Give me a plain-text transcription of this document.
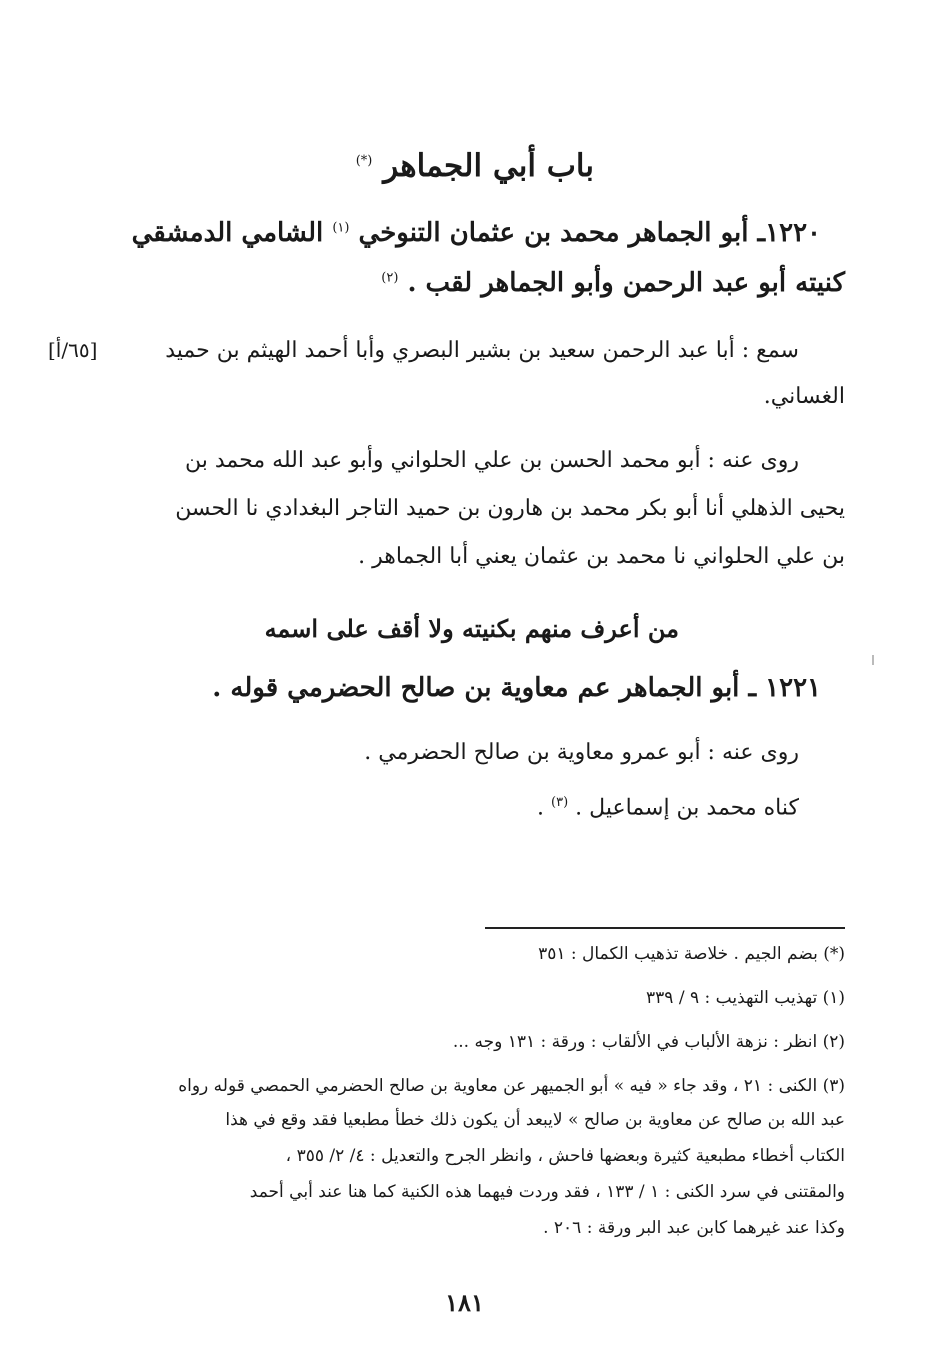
باب أبي الجماهر (*)

١٢٢٠ـ أبو الجماهر محمد بن عثمان التنوخي $^{(١)}$ الشامي الدمشقي

كنيته أبو عبد الرحمن وأبو الجماهر لقب . $^{(٢)}$

سمع : أبا عبد الرحمن سعيد بن بشير البصري وأبا أحمد الهيثم بن حميد

[٦٥/أ]

الغساني.

روى عنه : أبو محمد الحسن بن علي الحلواني وأبو عبد الله محمد بن

يحيى الذهلي أنا أبو بكر محمد بن هارون بن حميد التاجر البغدادي نا الحسن

بن علي الحلواني نا محمد بن عثمان يعني أبا الجماهر .

من أعرف منهم بكنيته ولا أقف على اسمه

١٢٢١ ـ أبو الجماهر عم معاوية بن صالح الحضرمي قوله .

روى عنه : أبو عمرو معاوية بن صالح الحضرمي .

كناه محمد بن إسماعيل . $^{(٣)}$ .

(*) بضم الجيم . خلاصة تذهيب الكمال : ٣٥١

(١) تهذيب التهذيب : ٩ / ٣٣٩

(٢) انظر : نزهة الألباب في الألقاب : ورقة : ١٣١ وجه ...

(٣) الكنى : ٢١ ، وقد جاء « فيه » أبو الجميهر عن معاوية بن صالح الحضرمي الحمصي قوله رواه

عبد الله بن صالح عن معاوية بن صالح » لايبعد أن يكون ذلك خطأ مطبعيا فقد وقع في هذا

الكتاب أخطاء مطبعية كثيرة وبعضها فاحش ، وانظر الجرح والتعديل : ٤/ ٢/ ٣٥٥ ،

والمقتنى في سرد الكنى : ١ / ١٣٣ ، فقد وردت فيهما هذه الكنية كما هنا عند أبي أحمد

وكذا عند غيرهما كابن عبد البر ورقة : ٢٠٦ .

١٨١
